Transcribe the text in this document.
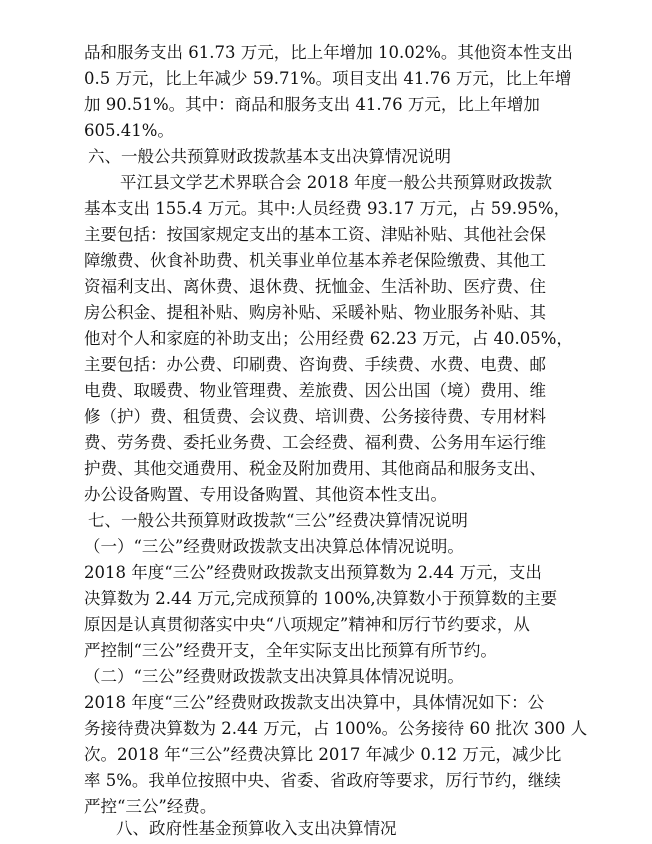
品和服务支出 61.73 万元，比上年增加 10.02%。其他资本性支出
0.5 万元，比上年减少 59.71%。项目支出 41.76 万元，比上年增
加 90.51%。其中：商品和服务支出 41.76 万元，比上年增加
605.41%。
六、一般公共预算财政拨款基本支出决算情况说明
平江县文学艺术界联合会 2018 年度一般公共预算财政拨款
基本支出 155.4 万元。其中:人员经费 93.17 万元，占 59.95%，
主要包括：按国家规定支出的基本工资、津贴补贴、其他社会保
障缴费、伙食补助费、机关事业单位基本养老保险缴费、其他工
资福利支出、离休费、退休费、抚恤金、生活补助、医疗费、住
房公积金、提租补贴、购房补贴、采暖补贴、物业服务补贴、其
他对个人和家庭的补助支出；公用经费 62.23 万元，占 40.05%，
主要包括：办公费、印刷费、咨询费、手续费、水费、电费、邮
电费、取暖费、物业管理费、差旅费、因公出国（境）费用、维
修（护）费、租赁费、会议费、培训费、公务接待费、专用材料
费、劳务费、委托业务费、工会经费、福利费、公务用车运行维
护费、其他交通费用、税金及附加费用、其他商品和服务支出、
办公设备购置、专用设备购置、其他资本性支出。
七、一般公共预算财政拨款“三公”经费决算情况说明
（一）“三公”经费财政拨款支出决算总体情况说明。
2018 年度“三公”经费财政拨款支出预算数为 2.44 万元，支出
决算数为 2.44 万元,完成预算的 100%,决算数小于预算数的主要
原因是认真贯彻落实中央“八项规定”精神和厉行节约要求，从
严控制“三公”经费开支，全年实际支出比预算有所节约。
（二）“三公”经费财政拨款支出决算具体情况说明。
2018 年度“三公”经费财政拨款支出决算中，具体情况如下：公
务接待费决算数为 2.44 万元，占 100%。公务接待 60 批次 300 人
次。2018 年“三公”经费决算比 2017 年减少 0.12 万元，减少比
率 5%。我单位按照中央、省委、省政府等要求，厉行节约，继续
严控“三公”经费。
八、政府性基金预算收入支出决算情况
